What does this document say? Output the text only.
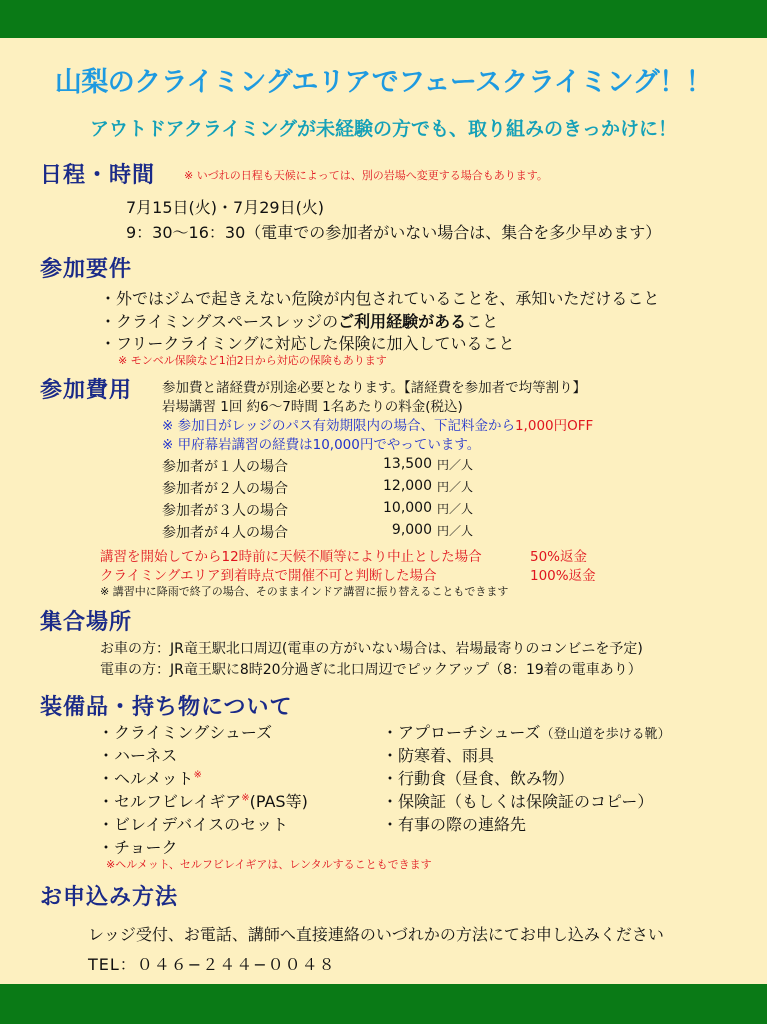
山梨のクライミングエリアでフェースクライミング！！
アウトドアクライミングが未経験の方でも、取り組みのきっかけに！
日程・時間	※ いづれの日程も天候によっては、別の岩場へ変更する場合もあります。
7月15日(火)・7月29日(火)
9：30〜16：30（電車での参加者がいない場合は、集合を多少早めます）
参加要件
・外ではジムで起きえない危険が内包されていることを、承知いただけること
・クライミングスペースレッジのご利用経験があること
・フリークライミングに対応した保険に加入していること
※ モンベル保険など1泊2日から対応の保険もあります
参加費用 参加費と諸経費が別途必要となります。【諸経費を参加者で均等割り】
岩場講習 1回 約6〜7時間 1名あたりの料金(税込)
※ 参加日がレッジのパス有効期限内の場合、下記料金から1,000円OFF
※ 甲府幕岩講習の経費は10,000円でやっています。
参加者が１人の場合	13,500 円／人
参加者が２人の場合	12,000 円／人
参加者が３人の場合	10,000 円／人
参加者が４人の場合	9,000 円／人
講習を開始してから12時前に天候不順等により中止とした場合	50%返金
クライミングエリア到着時点で開催不可と判断した場合	100%返金
※ 講習中に降雨で終了の場合、そのままインドア講習に振り替えることもできます
集合場所
お車の方：JR竜王駅北口周辺(電車の方がいない場合は、岩場最寄りのコンビニを予定)
電車の方：JR竜王駅に8時20分過ぎに北口周辺でピックアップ（8：19着の電車あり）
装備品・持ち物について
・クライミングシューズ
・ハーネス
・ヘルメット※
・セルフビレイギア※(PAS等)
・ビレイデバイスのセット
・チョーク
・アプローチシューズ（登山道を歩ける靴）
・防寒着、雨具
・行動食（昼食、飲み物）
・保険証（もしくは保険証のコピー）
・有事の際の連絡先
※ヘルメット、セルフビレイギアは、レンタルすることもできます
お申込み方法
レッジ受付、お電話、講師へ直接連絡のいづれかの方法にてお申し込みください
TEL：０４６−２４４−００４８
